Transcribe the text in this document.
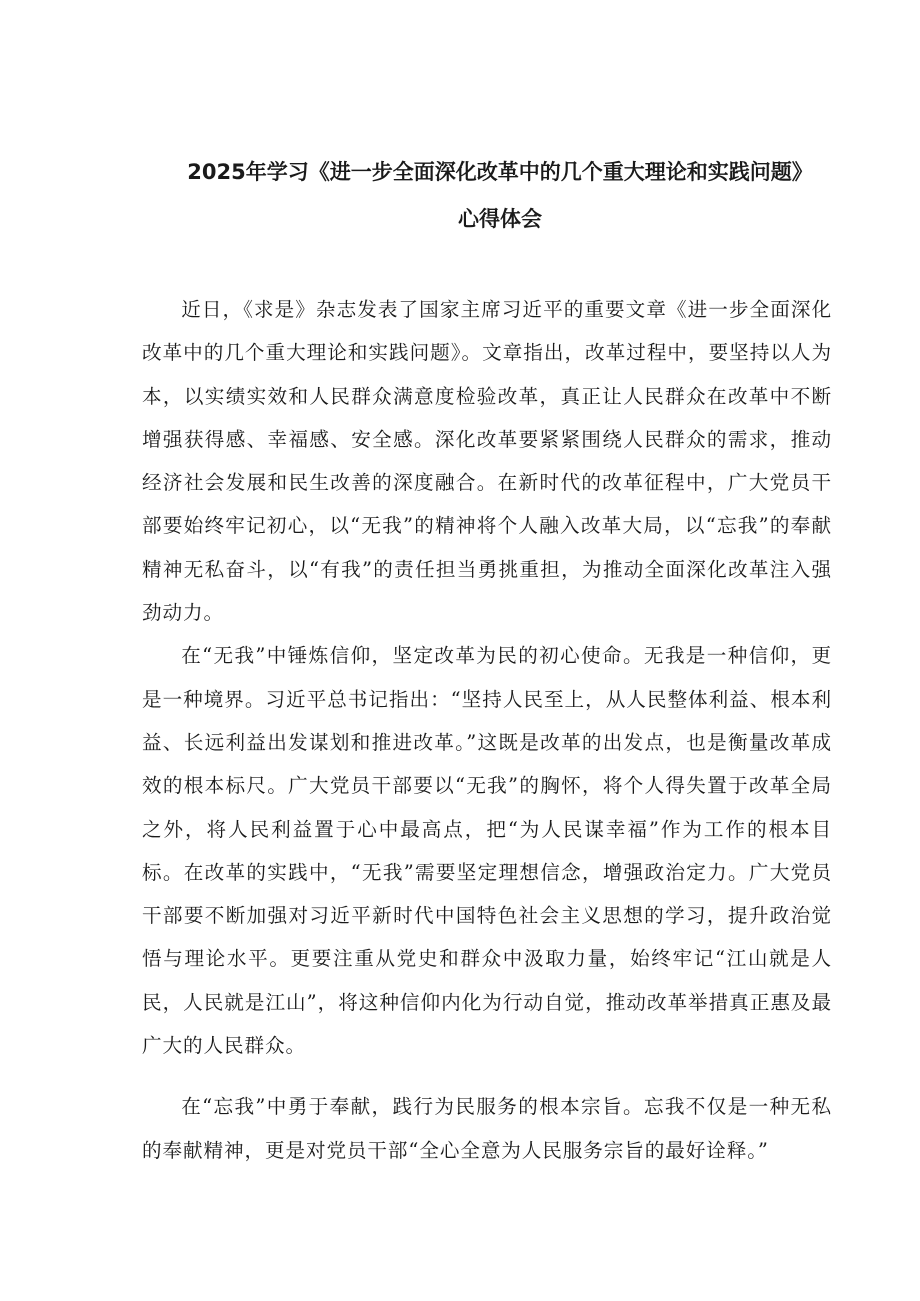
2025年学习《进一步全面深化改革中的几个重大理论和实践问题》
心得体会

近日，《求是》杂志发表了国家主席习近平的重要文章《进一步全面深化改革中的几个重大理论和实践问题》。文章指出，改革过程中，要坚持以人为本，以实绩实效和人民群众满意度检验改革，真正让人民群众在改革中不断增强获得感、幸福感、安全感。深化改革要紧紧围绕人民群众的需求，推动经济社会发展和民生改善的深度融合。在新时代的改革征程中，广大党员干部要始终牢记初心，以“无我”的精神将个人融入改革大局，以“忘我”的奉献精神无私奋斗，以“有我”的责任担当勇挑重担，为推动全面深化改革注入强劲动力。

在“无我”中锤炼信仰，坚定改革为民的初心使命。无我是一种信仰，更是一种境界。习近平总书记指出：“坚持人民至上，从人民整体利益、根本利益、长远利益出发谋划和推进改革。”这既是改革的出发点，也是衡量改革成效的根本标尺。广大党员干部要以“无我”的胸怀，将个人得失置于改革全局之外，将人民利益置于心中最高点，把“为人民谋幸福”作为工作的根本目标。在改革的实践中，“无我”需要坚定理想信念，增强政治定力。广大党员干部要不断加强对习近平新时代中国特色社会主义思想的学习，提升政治觉悟与理论水平。更要注重从党史和群众中汲取力量，始终牢记“江山就是人民，人民就是江山”，将这种信仰内化为行动自觉，推动改革举措真正惠及最广大的人民群众。

在“忘我”中勇于奉献，践行为民服务的根本宗旨。忘我不仅是一种无私的奉献精神，更是对党员干部“全心全意为人民服务宗旨的最好诠释。”
